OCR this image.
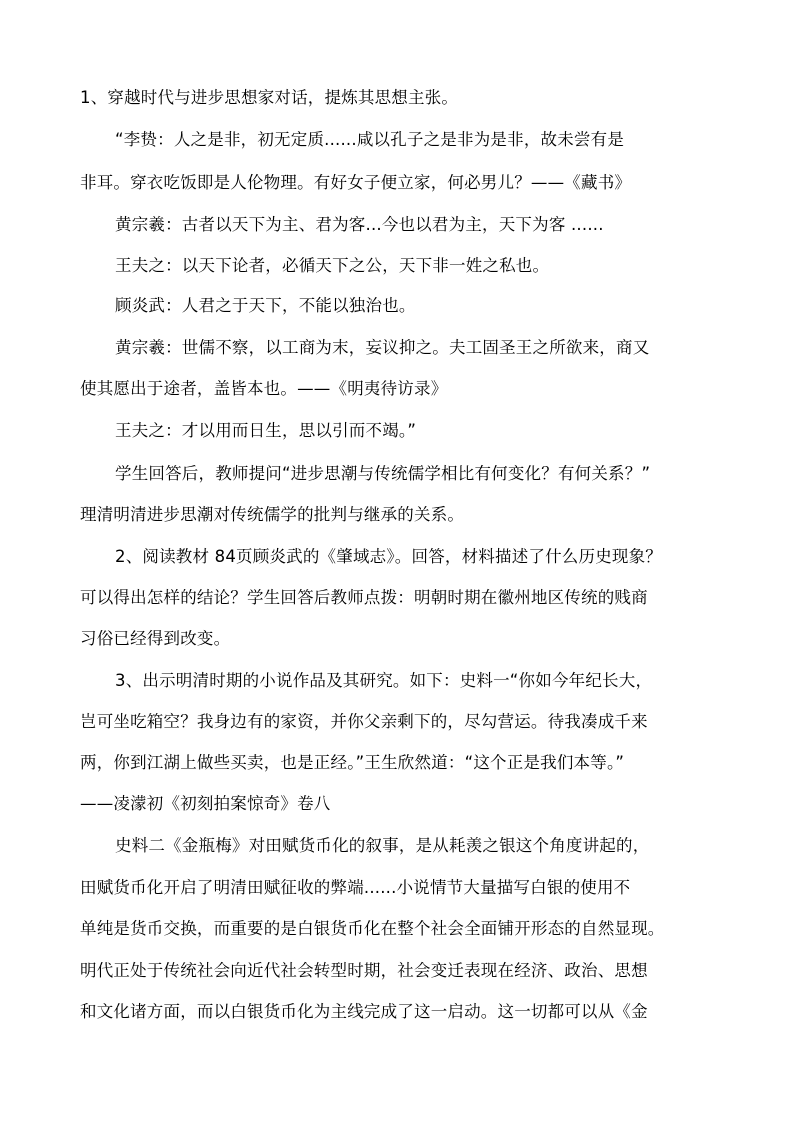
1、穿越时代与进步思想家对话，提炼其思想主张。
“李贽：人之是非，初无定质......咸以孔子之是非为是非，故未尝有是
非耳。穿衣吃饭即是人伦物理。有好女子便立家，何必男儿？——《藏书》
黄宗羲：古者以天下为主、君为客...今也以君为主，天下为客 ......
王夫之：以天下论者，必循天下之公，天下非一姓之私也。
顾炎武：人君之于天下，不能以独治也。
黄宗羲：世儒不察，以工商为末，妄议抑之。夫工固圣王之所欲来，商又
使其愿出于途者，盖皆本也。——《明夷待访录》
王夫之：才以用而日生，思以引而不竭。”
学生回答后，教师提问“进步思潮与传统儒学相比有何变化？有何关系？”
理清明清进步思潮对传统儒学的批判与继承的关系。
2、阅读教材 84页顾炎武的《肇域志》。回答，材料描述了什么历史现象？
可以得出怎样的结论？学生回答后教师点拨：明朝时期在徽州地区传统的贱商
习俗已经得到改变。
3、出示明清时期的小说作品及其研究。如下：史料一“你如今年纪长大，
岂可坐吃箱空？我身边有的家资，并你父亲剩下的，尽勾营运。待我凑成千来
两，你到江湖上做些买卖，也是正经。”王生欣然道：“这个正是我们本等。”
——凌濛初《初刻拍案惊奇》卷八
史料二《金瓶梅》对田赋货币化的叙事，是从耗羡之银这个角度讲起的，
田赋货币化开启了明清田赋征收的弊端......小说情节大量描写白银的使用不
单纯是货币交换，而重要的是白银货币化在整个社会全面铺开形态的自然显现。
明代正处于传统社会向近代社会转型时期，社会变迁表现在经济、政治、思想
和文化诸方面，而以白银货币化为主线完成了这一启动。这一切都可以从《金
